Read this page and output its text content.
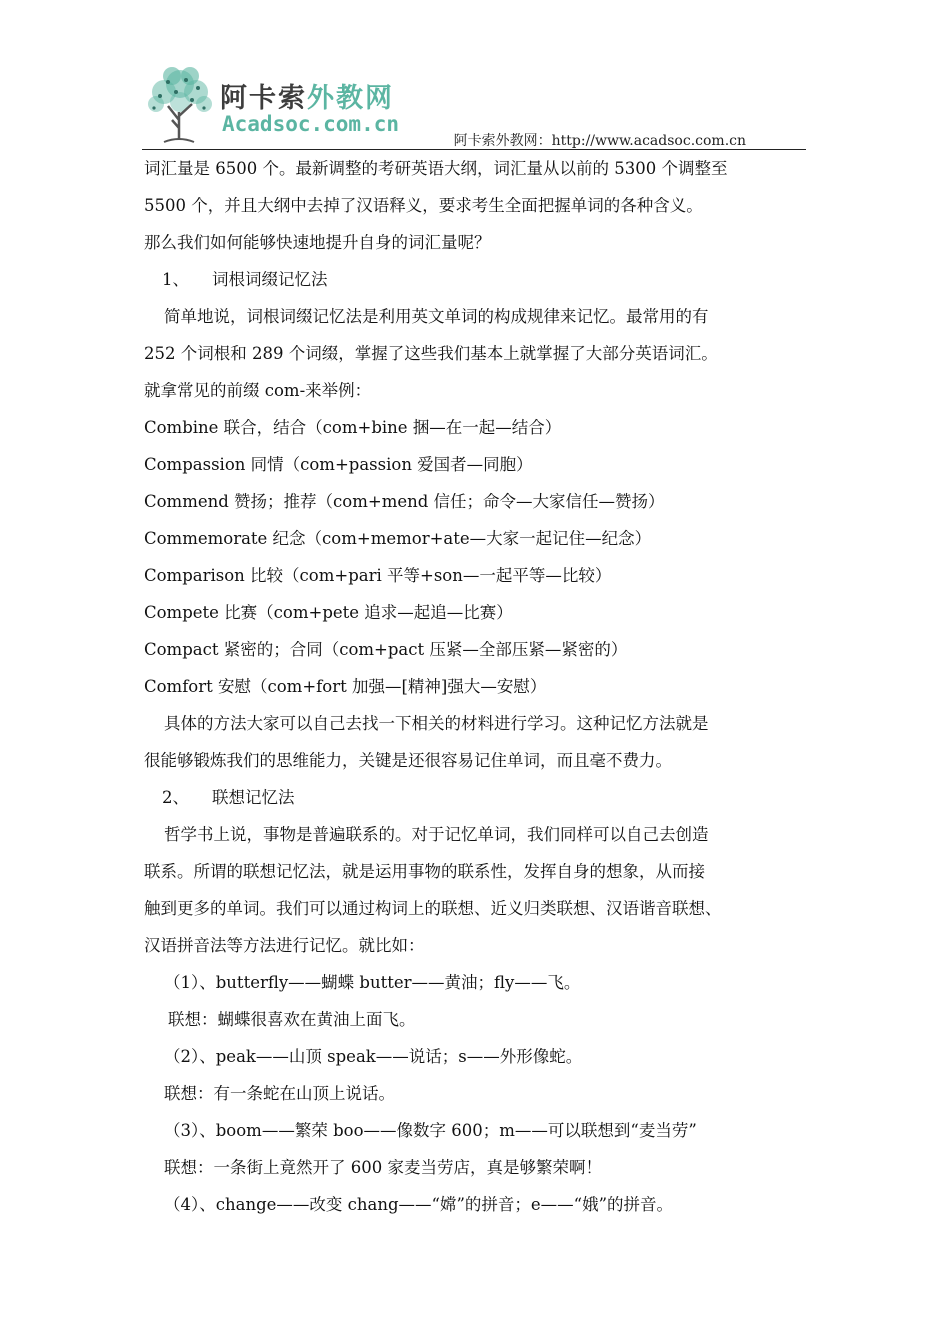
阿卡索外教网
Acadsoc.com.cn
阿卡索外教网：http://www.acadsoc.com.cn
词汇量是 6500 个。最新调整的考研英语大纲，词汇量从以前的 5300 个调整至
5500 个，并且大纲中去掉了汉语释义，要求考生全面把握单词的各种含义。
那么我们如何能够快速地提升自身的词汇量呢？
1、 词根词缀记忆法
简单地说，词根词缀记忆法是利用英文单词的构成规律来记忆。最常用的有
252 个词根和 289 个词缀，掌握了这些我们基本上就掌握了大部分英语词汇。
就拿常见的前缀 com-来举例：
Combine 联合，结合（com+bine 捆—在一起—结合）
Compassion 同情（com+passion 爱国者—同胞）
Commend 赞扬；推荐（com+mend 信任；命令—大家信任—赞扬）
Commemorate 纪念（com+memor+ate—大家一起记住—纪念）
Comparison 比较（com+pari 平等+son—一起平等—比较）
Compete 比赛（com+pete 追求—起追—比赛）
Compact 紧密的；合同（com+pact 压紧—全部压紧—紧密的）
Comfort 安慰（com+fort 加强—[精神]强大—安慰）
具体的方法大家可以自己去找一下相关的材料进行学习。这种记忆方法就是
很能够锻炼我们的思维能力，关键是还很容易记住单词，而且毫不费力。
2、 联想记忆法
哲学书上说，事物是普遍联系的。对于记忆单词，我们同样可以自己去创造
联系。所谓的联想记忆法，就是运用事物的联系性，发挥自身的想象，从而接
触到更多的单词。我们可以通过构词上的联想、近义归类联想、汉语谐音联想、
汉语拼音法等方法进行记忆。就比如：
（1）、butterfly——蝴蝶 butter——黄油；fly——飞。
联想：蝴蝶很喜欢在黄油上面飞。
（2）、peak——山顶 speak——说话；s——外形像蛇。
联想：有一条蛇在山顶上说话。
（3）、boom——繁荣 boo——像数字 600；m——可以联想到“麦当劳”
联想：一条街上竟然开了 600 家麦当劳店，真是够繁荣啊！
（4）、change——改变 chang——“嫦”的拼音；e——“娥”的拼音。
